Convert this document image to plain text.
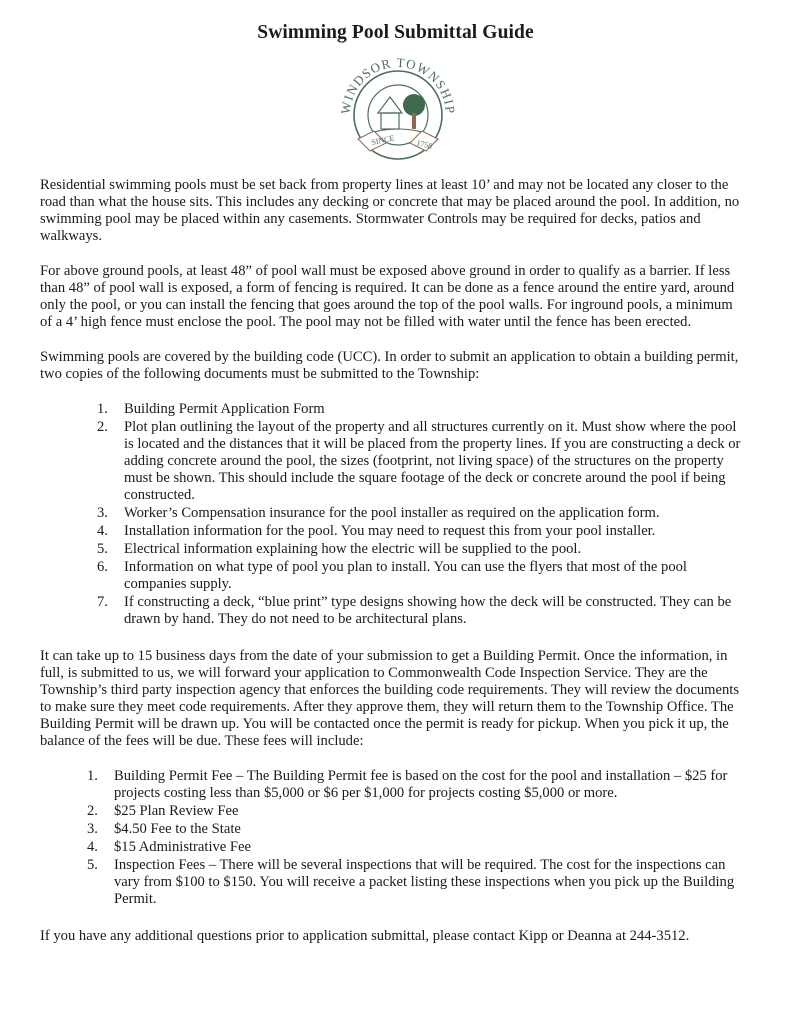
Swimming Pool Submittal Guide
WINDSOR TOWNSHIP
SINCE	1758

Residential swimming pools must be set back from property lines at least 10’ and may not be located any closer to the road than what the house sits. This includes any decking or concrete that may be placed around the pool. In addition, no swimming pool may be placed within any casements. Stormwater Controls may be required for decks, patios and walkways.

For above ground pools, at least 48” of pool wall must be exposed above ground in order to qualify as a barrier. If less than 48” of pool wall is exposed, a form of fencing is required. It can be done as a fence around the entire yard, around only the pool, or you can install the fencing that goes around the top of the pool walls. For inground pools, a minimum of a 4’ high fence must enclose the pool. The pool may not be filled with water until the fence has been erected.

Swimming pools are covered by the building code (UCC). In order to submit an application to obtain a building permit, two copies of the following documents must be submitted to the Township:

1. Building Permit Application Form
2. Plot plan outlining the layout of the property and all structures currently on it. Must show where the pool is located and the distances that it will be placed from the property lines. If you are constructing a deck or adding concrete around the pool, the sizes (footprint, not living space) of the structures on the property must be shown. This should include the square footage of the deck or concrete around the pool if being constructed.
3. Worker’s Compensation insurance for the pool installer as required on the application form.
4. Installation information for the pool. You may need to request this from your pool installer.
5. Electrical information explaining how the electric will be supplied to the pool.
6. Information on what type of pool you plan to install. You can use the flyers that most of the pool companies supply.
7. If constructing a deck, “blue print” type designs showing how the deck will be constructed. They can be drawn by hand. They do not need to be architectural plans.

It can take up to 15 business days from the date of your submission to get a Building Permit. Once the information, in full, is submitted to us, we will forward your application to Commonwealth Code Inspection Service. They are the Township’s third party inspection agency that enforces the building code requirements. They will review the documents to make sure they meet code requirements. After they approve them, they will return them to the Township Office. The Building Permit will be drawn up. You will be contacted once the permit is ready for pickup. When you pick it up, the balance of the fees will be due. These fees will include:

1. Building Permit Fee – The Building Permit fee is based on the cost for the pool and installation – $25 for projects costing less than $5,000 or $6 per $1,000 for projects costing $5,000 or more.
2. $25 Plan Review Fee
3. $4.50 Fee to the State
4. $15 Administrative Fee
5. Inspection Fees – There will be several inspections that will be required. The cost for the inspections can vary from $100 to $150. You will receive a packet listing these inspections when you pick up the Building Permit.

If you have any additional questions prior to application submittal, please contact Kipp or Deanna at 244-3512.
